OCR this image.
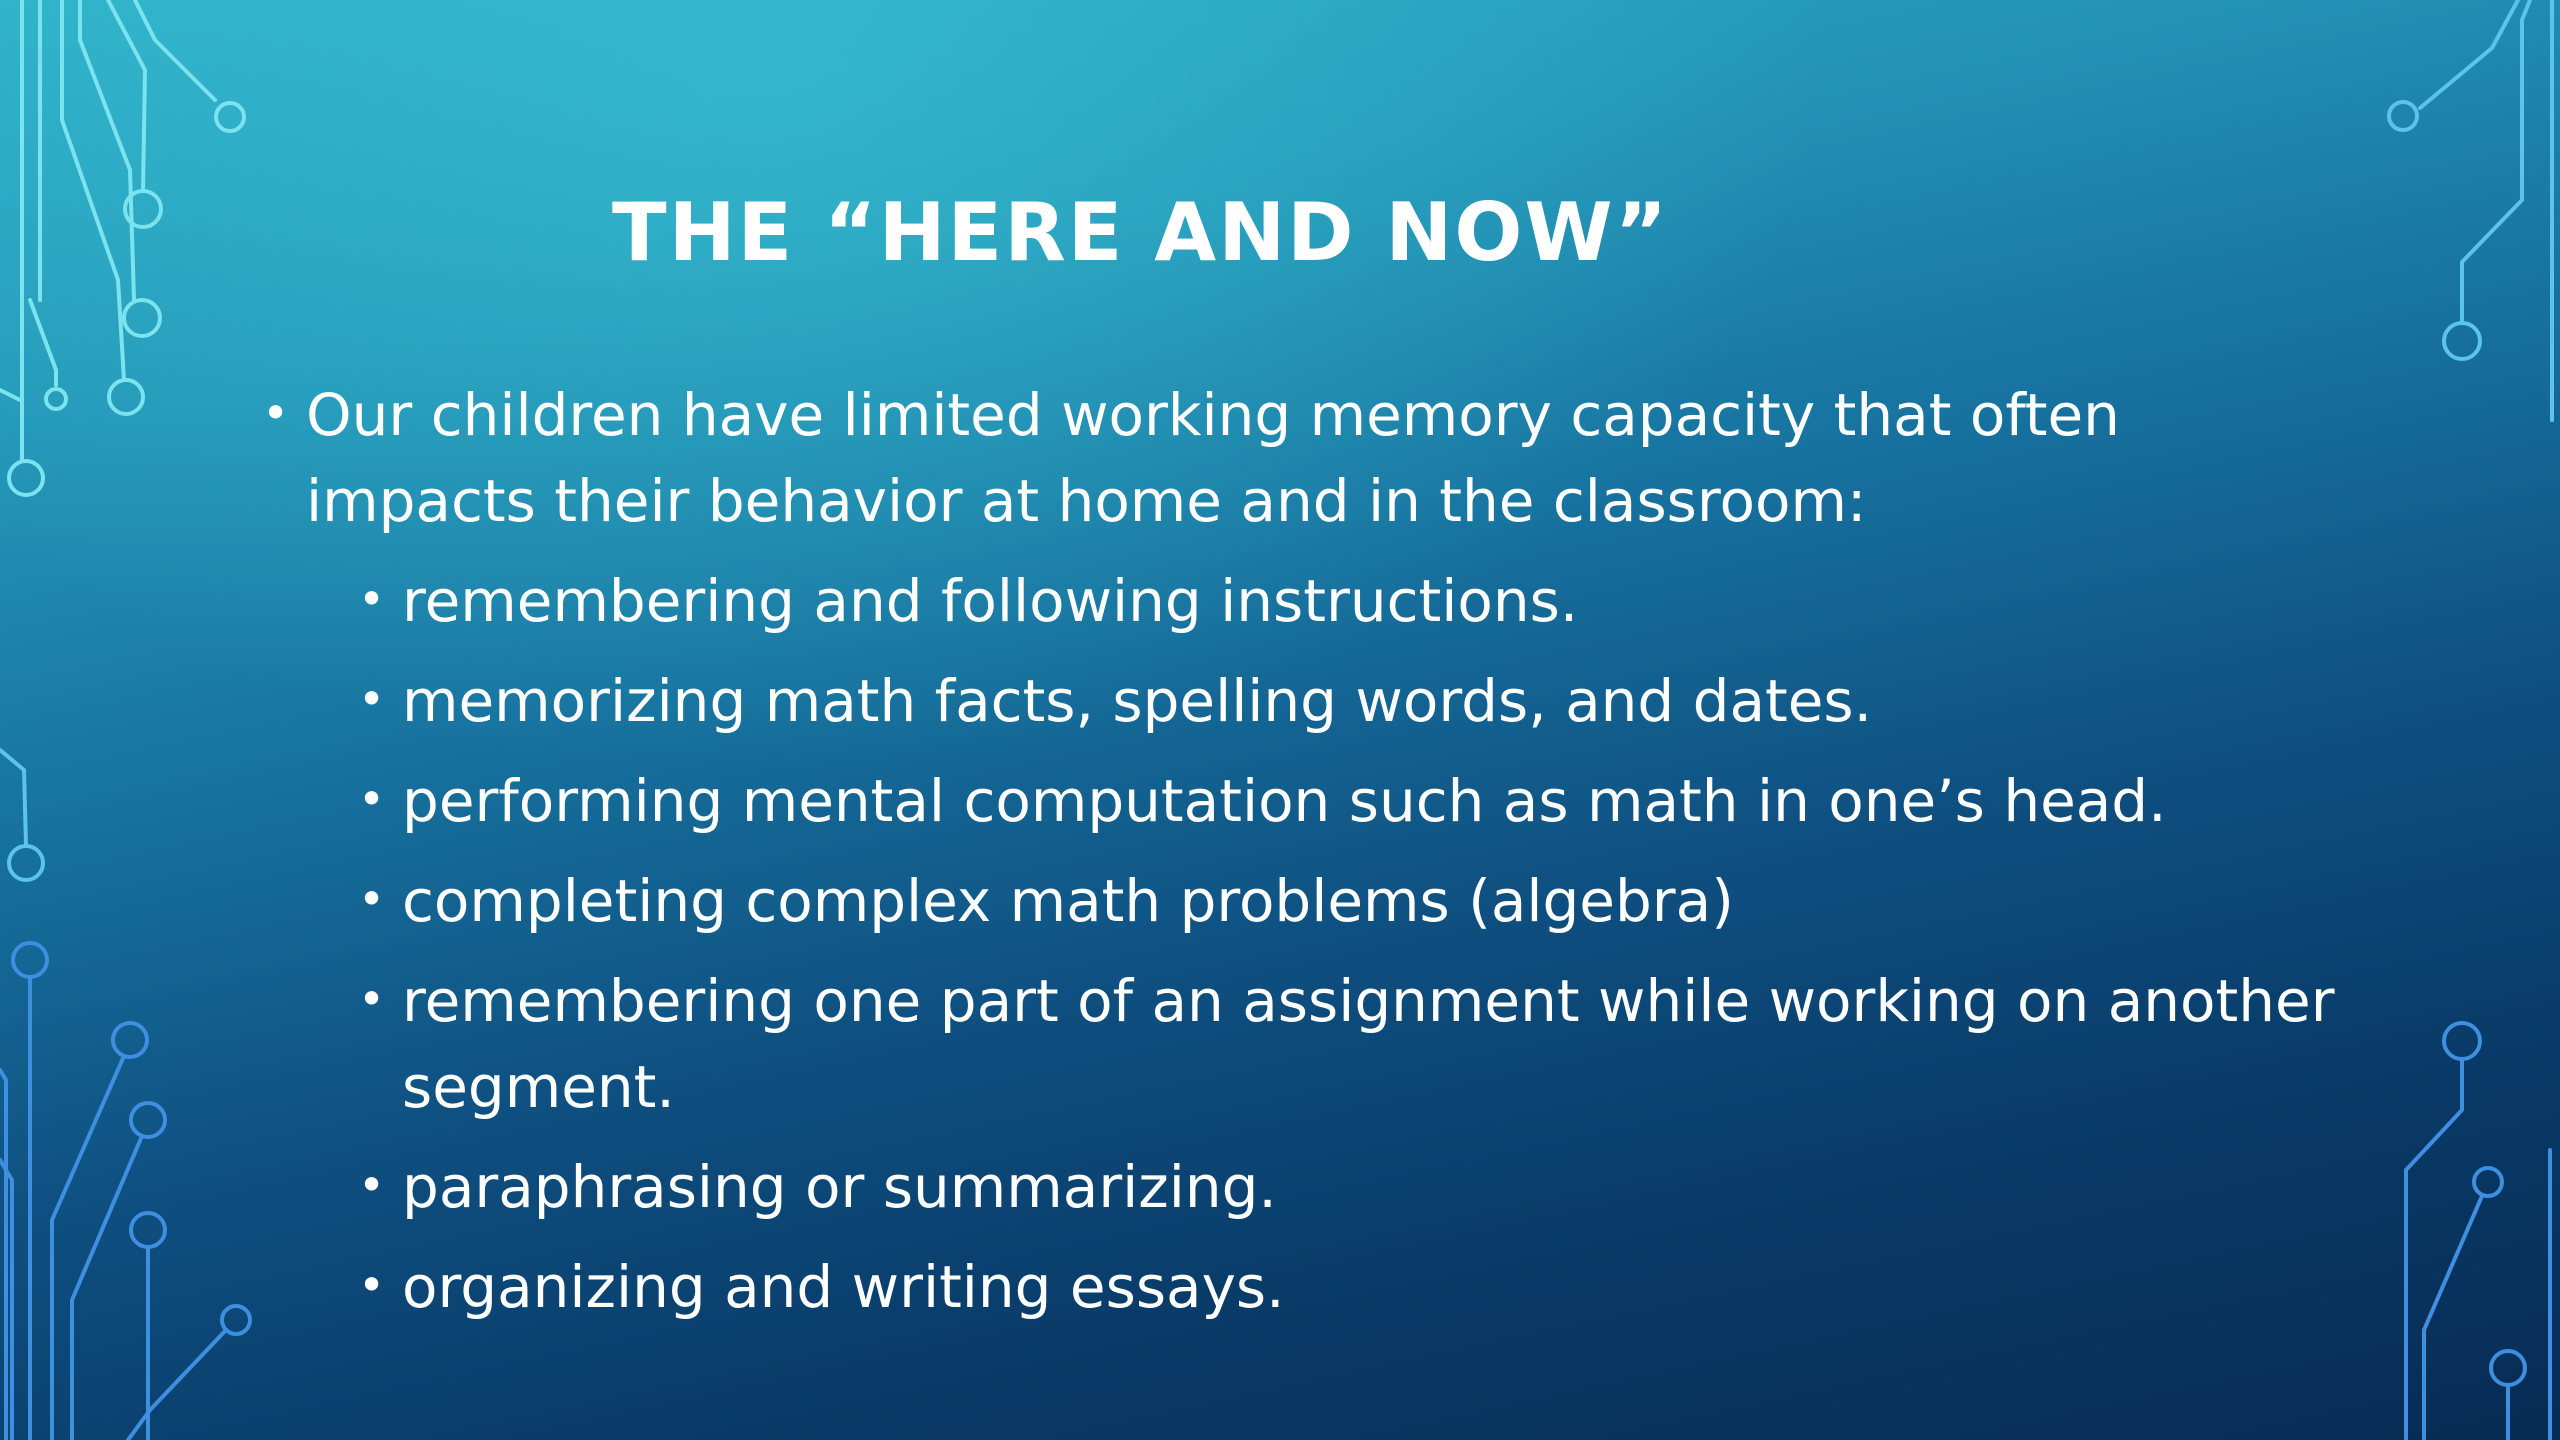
THE “HERE AND NOW”
• Our children have limited working memory capacity that often
impacts their behavior at home and in the classroom:
• remembering and following instructions.
• memorizing math facts, spelling words, and dates.
• performing mental computation such as math in one’s head.
• completing complex math problems (algebra)
• remembering one part of an assignment while working on another
segment.
• paraphrasing or summarizing.
• organizing and writing essays.
